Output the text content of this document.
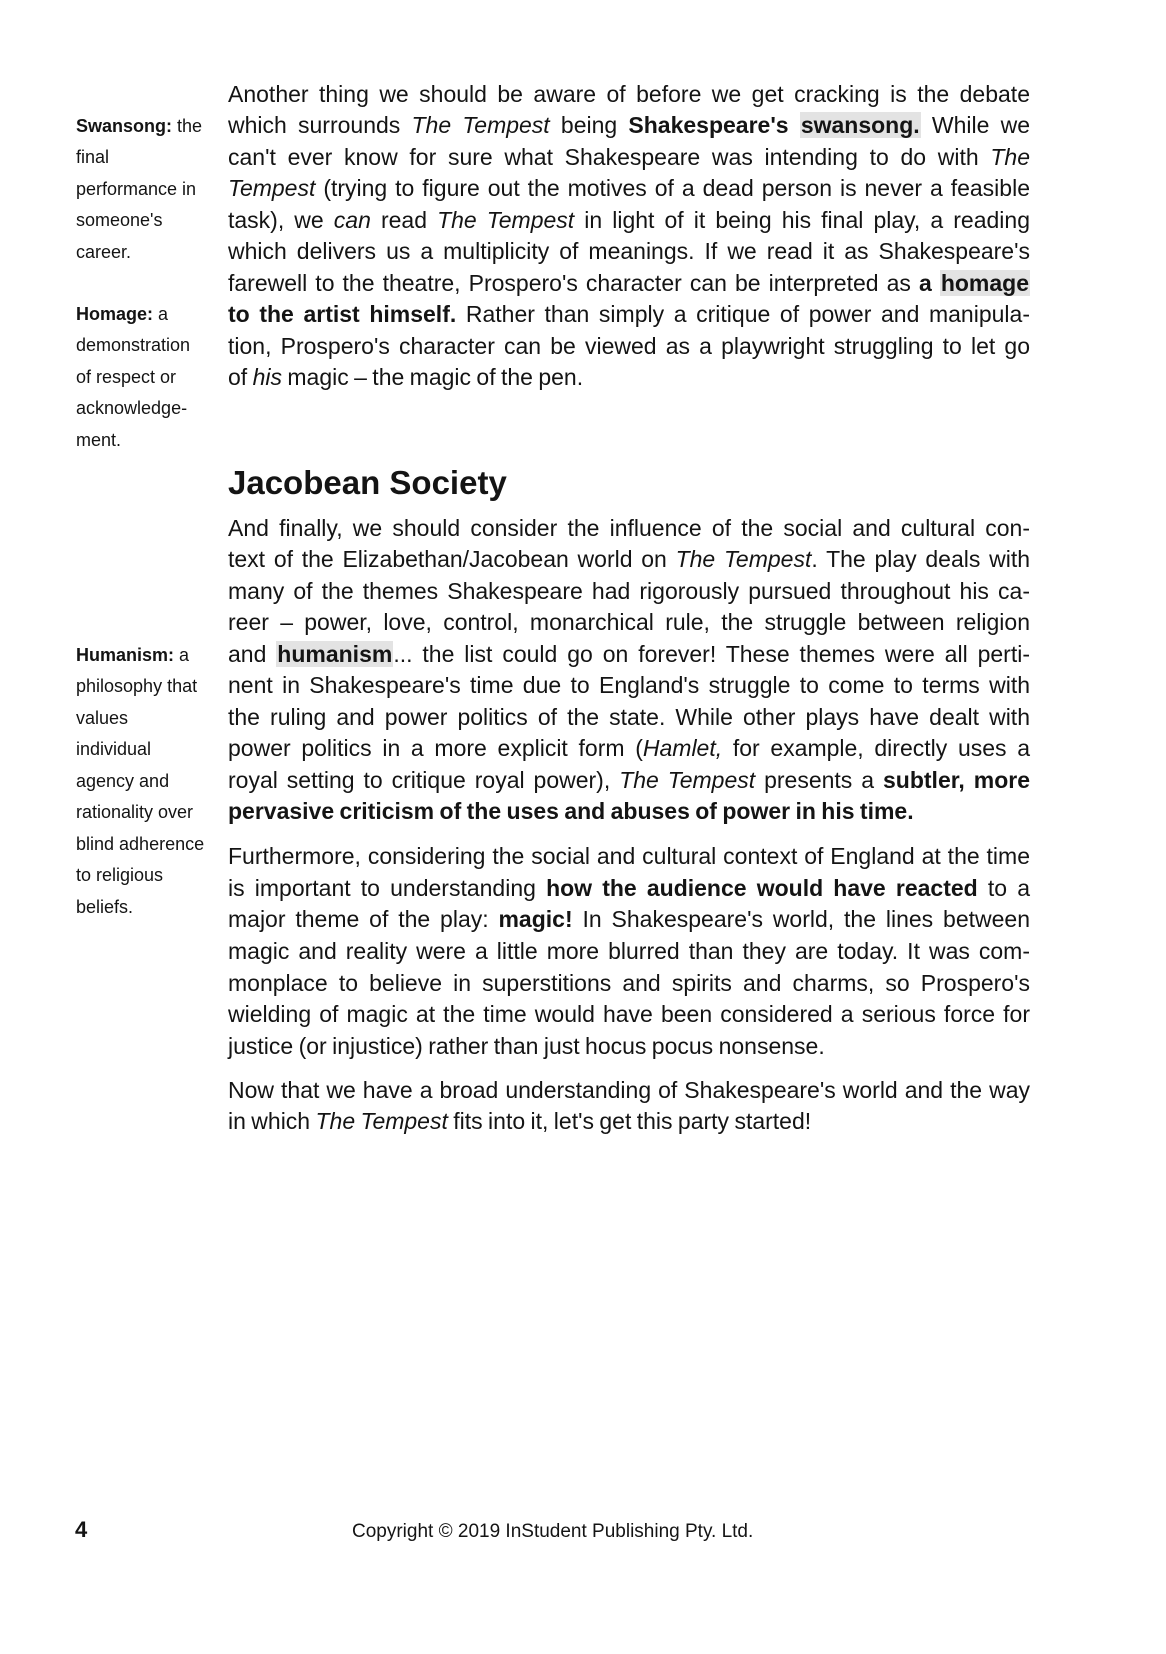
Swansong: the
final
performance in
someone's
career.
Homage: a
demonstration
of respect or
acknowledge-
ment.
Humanism: a
philosophy that
values
individual
agency and
rationality over
blind adherence
to religious
beliefs.
Another thing we should be aware of before we get cracking is the debate
which surrounds The Tempest being Shakespeare's swansong. While we
can't ever know for sure what Shakespeare was intending to do with The
Tempest (trying to figure out the motives of a dead person is never a feasible
task), we can read The Tempest in light of it being his final play, a reading
which delivers us a multiplicity of meanings. If we read it as Shakespeare's
farewell to the theatre, Prospero's character can be interpreted as a homage
to the artist himself. Rather than simply a critique of power and manipula-
tion, Prospero's character can be viewed as a playwright struggling to let go
of his magic – the magic of the pen.
Jacobean Society
And finally, we should consider the influence of the social and cultural con-
text of the Elizabethan/Jacobean world on The Tempest. The play deals with
many of the themes Shakespeare had rigorously pursued throughout his ca-
reer – power, love, control, monarchical rule, the struggle between religion
and humanism... the list could go on forever! These themes were all perti-
nent in Shakespeare's time due to England's struggle to come to terms with
the ruling and power politics of the state. While other plays have dealt with
power politics in a more explicit form (Hamlet, for example, directly uses a
royal setting to critique royal power), The Tempest presents a subtler, more
pervasive criticism of the uses and abuses of power in his time.
Furthermore, considering the social and cultural context of England at the time
is important to understanding how the audience would have reacted to a
major theme of the play: magic! In Shakespeare's world, the lines between
magic and reality were a little more blurred than they are today. It was com-
monplace to believe in superstitions and spirits and charms, so Prospero's
wielding of magic at the time would have been considered a serious force for
justice (or injustice) rather than just hocus pocus nonsense.
Now that we have a broad understanding of Shakespeare's world and the way
in which The Tempest fits into it, let's get this party started!
4	Copyright © 2019 InStudent Publishing Pty. Ltd.
